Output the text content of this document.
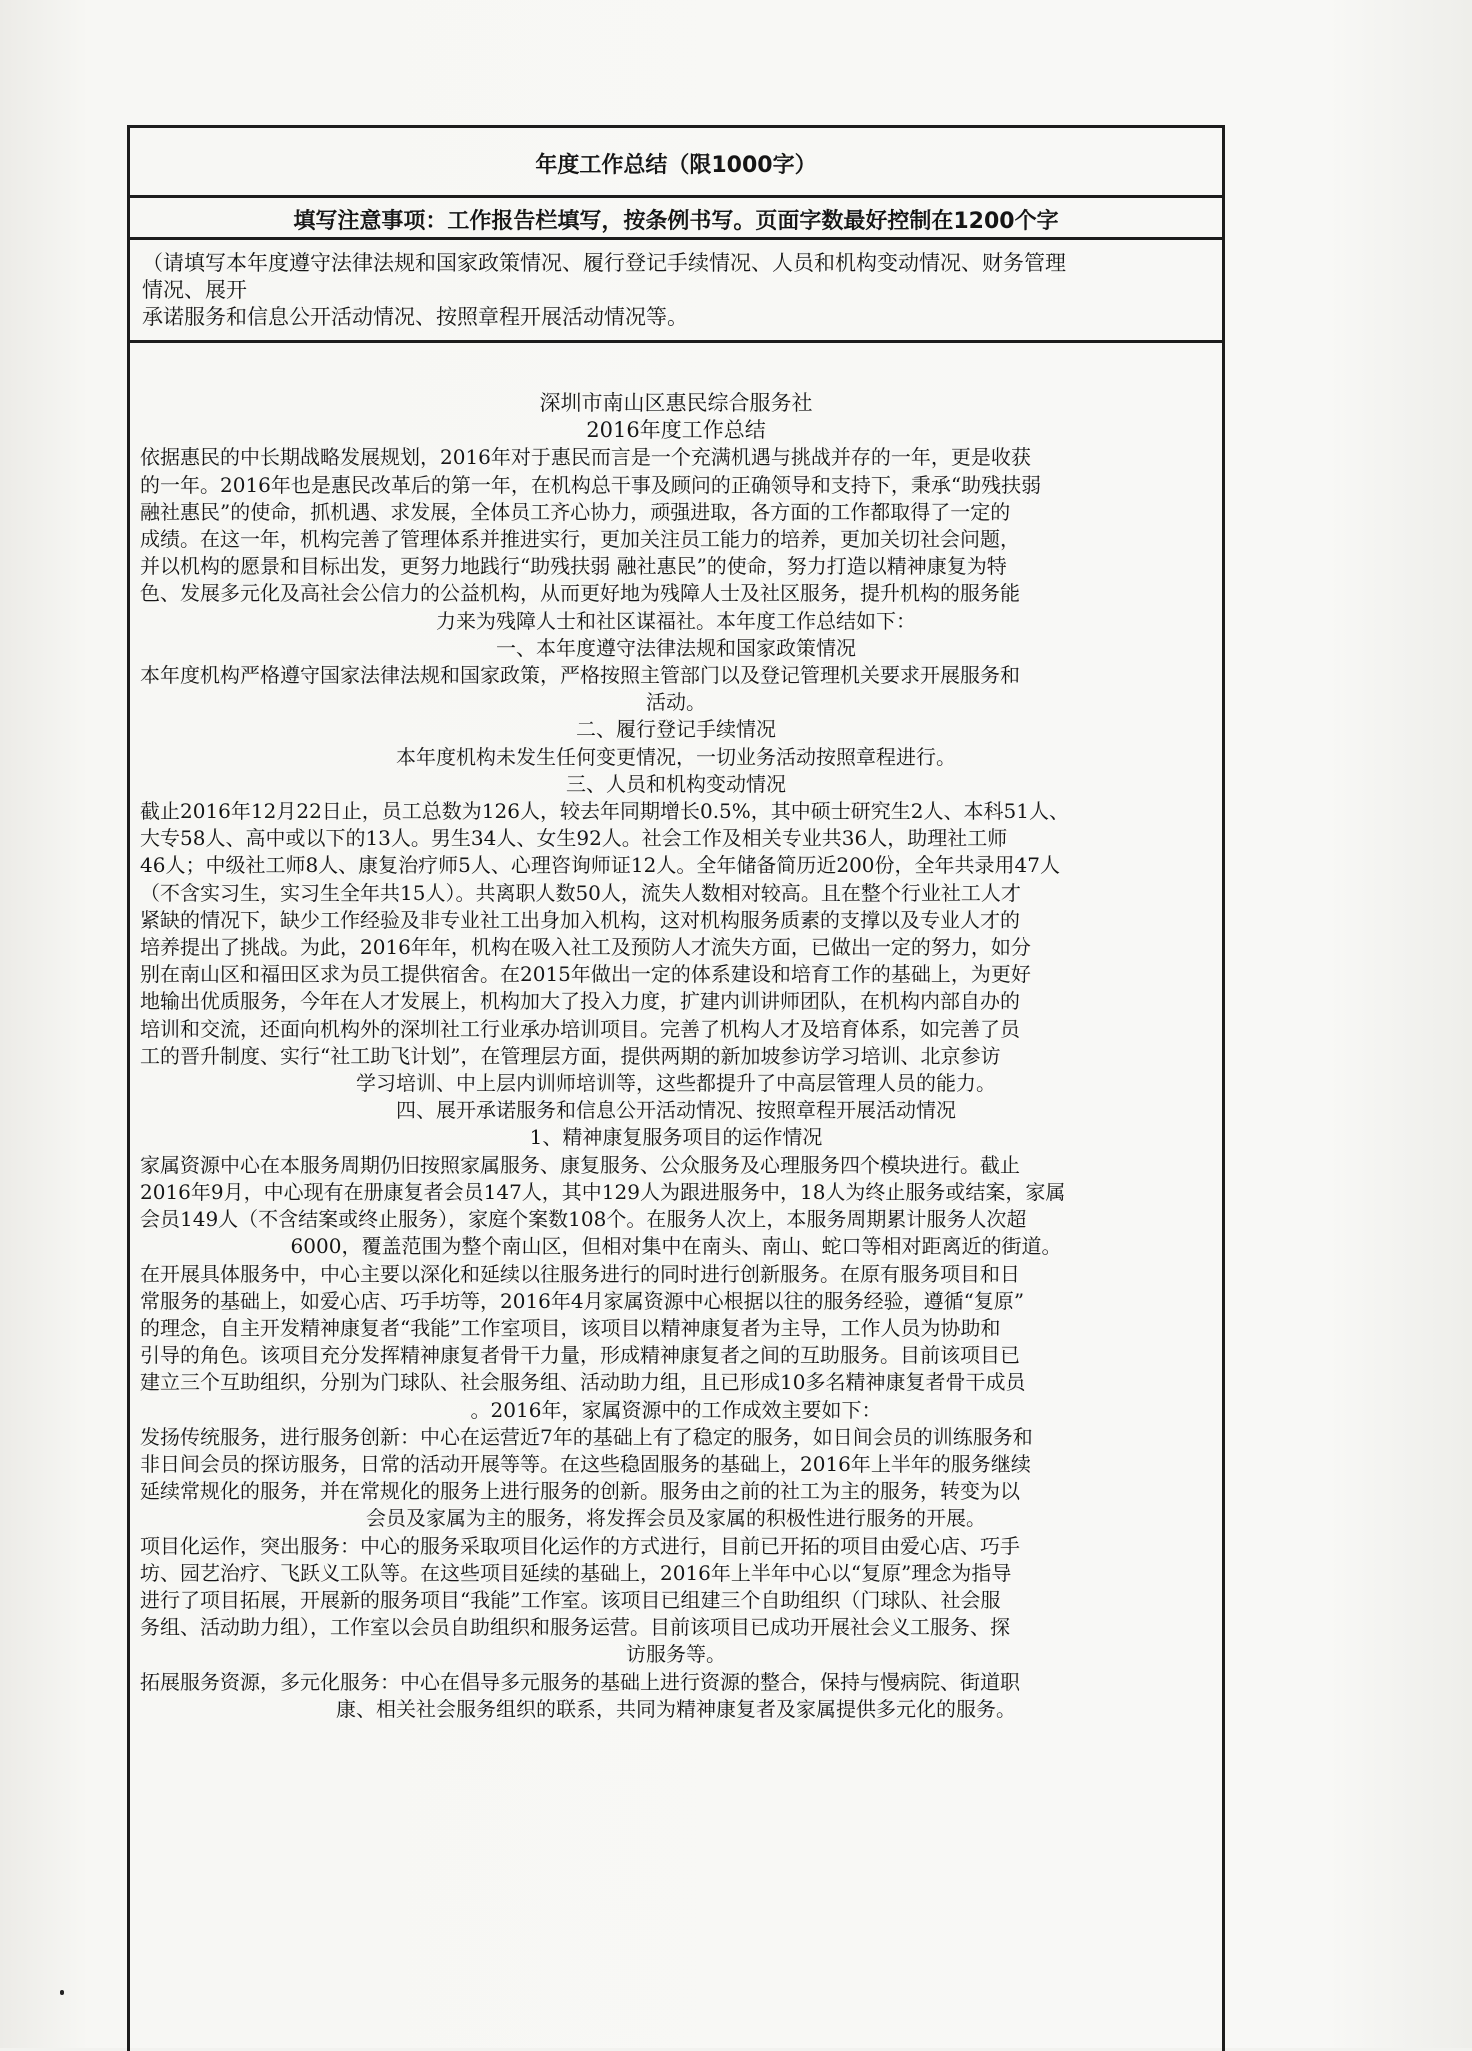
年度工作总结（限1000字）
填写注意事项：工作报告栏填写，按条例书写。页面字数最好控制在1200个字
（请填写本年度遵守法律法规和国家政策情况、履行登记手续情况、人员和机构变动情况、财务管理
情况、展开
承诺服务和信息公开活动情况、按照章程开展活动情况等。
深圳市南山区惠民综合服务社
2016年度工作总结
依据惠民的中长期战略发展规划，2016年对于惠民而言是一个充满机遇与挑战并存的一年，更是收获
的一年。2016年也是惠民改革后的第一年，在机构总干事及顾问的正确领导和支持下，秉承“助残扶弱
融社惠民”的使命，抓机遇、求发展，全体员工齐心协力，顽强进取，各方面的工作都取得了一定的
成绩。在这一年，机构完善了管理体系并推进实行，更加关注员工能力的培养，更加关切社会问题，
并以机构的愿景和目标出发，更努力地践行“助残扶弱 融社惠民”的使命，努力打造以精神康复为特
色、发展多元化及高社会公信力的公益机构，从而更好地为残障人士及社区服务，提升机构的服务能
力来为残障人士和社区谋福社。本年度工作总结如下：
一、本年度遵守法律法规和国家政策情况
本年度机构严格遵守国家法律法规和国家政策，严格按照主管部门以及登记管理机关要求开展服务和
活动。
二、履行登记手续情况
本年度机构未发生任何变更情况，一切业务活动按照章程进行。
三、人员和机构变动情况
截止2016年12月22日止，员工总数为126人，较去年同期增长0.5%，其中硕士研究生2人、本科51人、
大专58人、高中或以下的13人。男生34人、女生92人。社会工作及相关专业共36人，助理社工师
46人；中级社工师8人、康复治疗师5人、心理咨询师证12人。全年储备简历近200份，全年共录用47人
（不含实习生，实习生全年共15人）。共离职人数50人，流失人数相对较高。且在整个行业社工人才
紧缺的情况下，缺少工作经验及非专业社工出身加入机构，这对机构服务质素的支撑以及专业人才的
培养提出了挑战。为此，2016年年，机构在吸入社工及预防人才流失方面，已做出一定的努力，如分
别在南山区和福田区求为员工提供宿舍。在2015年做出一定的体系建设和培育工作的基础上，为更好
地输出优质服务，今年在人才发展上，机构加大了投入力度，扩建内训讲师团队，在机构内部自办的
培训和交流，还面向机构外的深圳社工行业承办培训项目。完善了机构人才及培育体系，如完善了员
工的晋升制度、实行“社工助飞计划”，在管理层方面，提供两期的新加坡参访学习培训、北京参访
学习培训、中上层内训师培训等，这些都提升了中高层管理人员的能力。
四、展开承诺服务和信息公开活动情况、按照章程开展活动情况
1、精神康复服务项目的运作情况
家属资源中心在本服务周期仍旧按照家属服务、康复服务、公众服务及心理服务四个模块进行。截止
2016年9月，中心现有在册康复者会员147人，其中129人为跟进服务中，18人为终止服务或结案，家属
会员149人（不含结案或终止服务），家庭个案数108个。在服务人次上，本服务周期累计服务人次超
6000，覆盖范围为整个南山区，但相对集中在南头、南山、蛇口等相对距离近的街道。
在开展具体服务中，中心主要以深化和延续以往服务进行的同时进行创新服务。在原有服务项目和日
常服务的基础上，如爱心店、巧手坊等，2016年4月家属资源中心根据以往的服务经验，遵循“复原”
的理念，自主开发精神康复者“我能”工作室项目，该项目以精神康复者为主导，工作人员为协助和
引导的角色。该项目充分发挥精神康复者骨干力量，形成精神康复者之间的互助服务。目前该项目已
建立三个互助组织，分别为门球队、社会服务组、活动助力组，且已形成10多名精神康复者骨干成员
。2016年，家属资源中的工作成效主要如下：
发扬传统服务，进行服务创新：中心在运营近7年的基础上有了稳定的服务，如日间会员的训练服务和
非日间会员的探访服务，日常的活动开展等等。在这些稳固服务的基础上，2016年上半年的服务继续
延续常规化的服务，并在常规化的服务上进行服务的创新。服务由之前的社工为主的服务，转变为以
会员及家属为主的服务，将发挥会员及家属的积极性进行服务的开展。
项目化运作，突出服务：中心的服务采取项目化运作的方式进行，目前已开拓的项目由爱心店、巧手
坊、园艺治疗、飞跃义工队等。在这些项目延续的基础上，2016年上半年中心以“复原”理念为指导
进行了项目拓展，开展新的服务项目“我能”工作室。该项目已组建三个自助组织（门球队、社会服
务组、活动助力组），工作室以会员自助组织和服务运营。目前该项目已成功开展社会义工服务、探
访服务等。
拓展服务资源，多元化服务：中心在倡导多元服务的基础上进行资源的整合，保持与慢病院、街道职
康、相关社会服务组织的联系，共同为精神康复者及家属提供多元化的服务。
